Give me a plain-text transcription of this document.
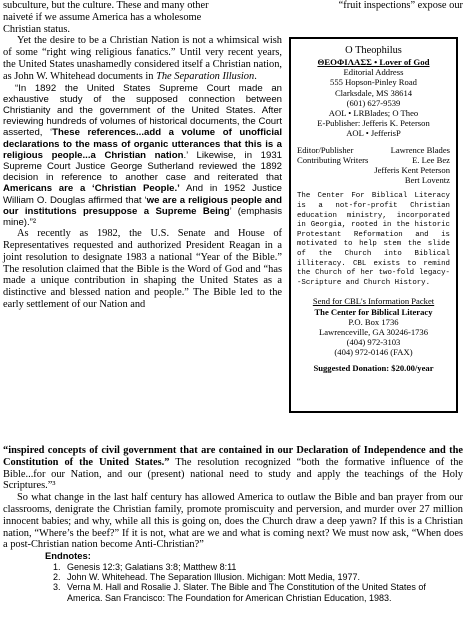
subculture, but the culture. These and many other

naiveté if we assume America has a wholesome

Christian status.

Yet the desire to be a Christian Nation is not a whimsical wish of some “right wing religious fanatics.” Until very recent years, the United States unashamedly considered itself a Christian nation, as John W. Whitehead documents in The Separation Illusion.

“In 1892 the United States Supreme Court made an exhaustive study of the supposed connection between Christianity and the government of the United States. After reviewing hundreds of volumes of historical documents, the Court asserted, ‘These references...add a volume of unofficial declarations to the mass of organic utterances that this is a religious people...a Christian nation.’ Likewise, in 1931 Supreme Court Justice George Sutherland reviewed the 1892 decision in reference to another case and reiterated that Americans are a ‘Christian People.’ And in 1952 Justice William O. Douglas affirmed that ‘we are a religious people and our institutions presuppose a Supreme Being’ (emphasis mine).”²

As recently as 1982, the U.S. Senate and House of Representatives requested and authorized President Reagan in a joint resolution to designate 1983 a national “Year of the Bible.” The resolution claimed that the Bible is the Word of God and “has made a unique contribution in shaping the United States as a distinctive and blessed nation and people.” The Bible led to the early settlement of our Nation and

“fruit inspections” expose our

O Theophilus

ΘΕΟΦΙΛΑΣΣ • Lover of God

Editorial Address

555 Hopson-Pinley Road

Clarksdale, MS 38614

(601) 627-9539

AOL • LRBlades; O Theo

E-Publisher: Jefferis K. Peterson

AOL • JefferisP

Editor/Publisher	Lawrence Blades
Contributing Writers	E. Lee Bez
Jefferis Kent Peterson
Bert Loventz

The Center For Biblical Literacy is a not-for-profit Christian education ministry, incorporated in Georgia, rooted in the historic Protestant Reformation and is motivated to help stem the slide of the Church into Biblical illiteracy. CBL exists to remind the Church of her two-fold legacy--Scripture and Church History.

Send for CBL's Information Packet

The Center for Biblical Literacy

P.O. Box 1736

Lawrenceville, GA 30246-1736

(404) 972-3103

(404) 972-0146 (FAX)

Suggested Donation: $20.00/year

“inspired concepts of civil government that are contained in our Declaration of Independence and the Constitution of the United States.” The resolution recognized “both the formative influence of the Bible...for our Nation, and our (present) national need to study and apply the teachings of the Holy Scriptures.”³

So what change in the last half century has allowed America to outlaw the Bible and ban prayer from our classrooms, denigrate the Christian family, promote promiscuity and perversion, and murder over 27 million innocent babies; and why, while all this is going on, does the Church draw a deep yawn? If this is a Christian nation, “Where’s the beef?” If it is not, what are we and what is coming next? We must now ask, “When does a post-Christian nation become Anti-Christian?”

Endnotes:

1. Genesis 12:3; Galatians 3:8; Matthew 8:11
2. John W. Whitehead. The Separation Illusion. Michigan: Mott Media, 1977.
3. Verna M. Hall and Rosalie J. Slater. The Bible and The Constitution of the United States of America. San Francisco: The Foundation for American Christian Education, 1983.
